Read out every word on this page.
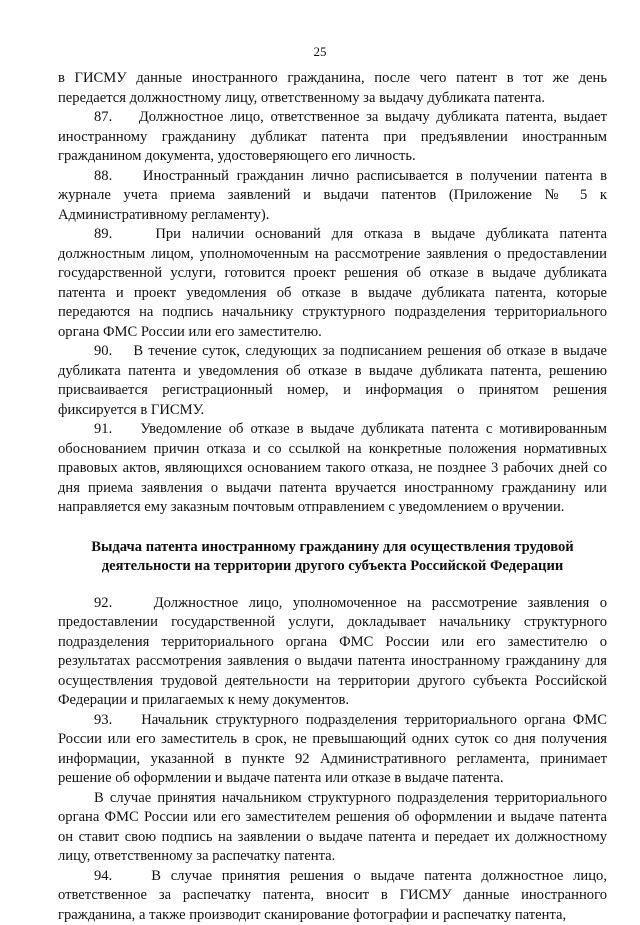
25

в ГИСМУ данные иностранного гражданина, после чего патент в тот же день передается должностному лицу, ответственному за выдачу дубликата патента.

87.    Должностное лицо, ответственное за выдачу дубликата патента, выдает иностранному гражданину дубликат патента при предъявлении иностранным гражданином документа, удостоверяющего его личность.

88.    Иностранный гражданин лично расписывается в получении патента в журнале учета приема заявлений и выдачи патентов (Приложение № 5 к Административному регламенту).

89.    При наличии оснований для отказа в выдаче дубликата патента должностным лицом, уполномоченным на рассмотрение заявления о предоставлении государственной услуги, готовится проект решения об отказе в выдаче дубликата патента и проект уведомления об отказе в выдаче дубликата патента, которые передаются на подпись начальнику структурного подразделения территориального органа ФМС России или его заместителю.

90.    В течение суток, следующих за подписанием решения об отказе в выдаче дубликата патента и уведомления об отказе в выдаче дубликата патента, решению присваивается регистрационный номер, и информация о принятом решения фиксируется в ГИСМУ.

91.    Уведомление об отказе в выдаче дубликата патента с мотивированным обоснованием причин отказа и со ссылкой на конкретные положения нормативных правовых актов, являющихся основанием такого отказа, не позднее 3 рабочих дней со дня приема заявления о выдачи патента вручается иностранному гражданину или направляется ему заказным почтовым отправлением с уведомлением о вручении.

Выдача патента иностранному гражданину для осуществления трудовой деятельности на территории другого субъекта Российской Федерации

92.    Должностное лицо, уполномоченное на рассмотрение заявления о предоставлении государственной услуги, докладывает начальнику структурного подразделения территориального органа ФМС России или его заместителю о результатах рассмотрения заявления о выдачи патента иностранному гражданину для осуществления трудовой деятельности на территории другого субъекта Российской Федерации и прилагаемых к нему документов.

93.    Начальник структурного подразделения территориального органа ФМС России или его заместитель в срок, не превышающий одних суток со дня получения информации, указанной в пункте 92 Административного регламента, принимает решение об оформлении и выдаче патента или отказе в выдаче патента.

В случае принятия начальником структурного подразделения территориального органа ФМС России или его заместителем решения об оформлении и выдаче патента он ставит свою подпись на заявлении о выдаче патента и передает их должностному лицу, ответственному за распечатку патента.

94.    В случае принятия решения о выдаче патента должностное лицо, ответственное за распечатку патента, вносит в ГИСМУ данные иностранного гражданина, а также производит сканирование фотографии и распечатку патента,
